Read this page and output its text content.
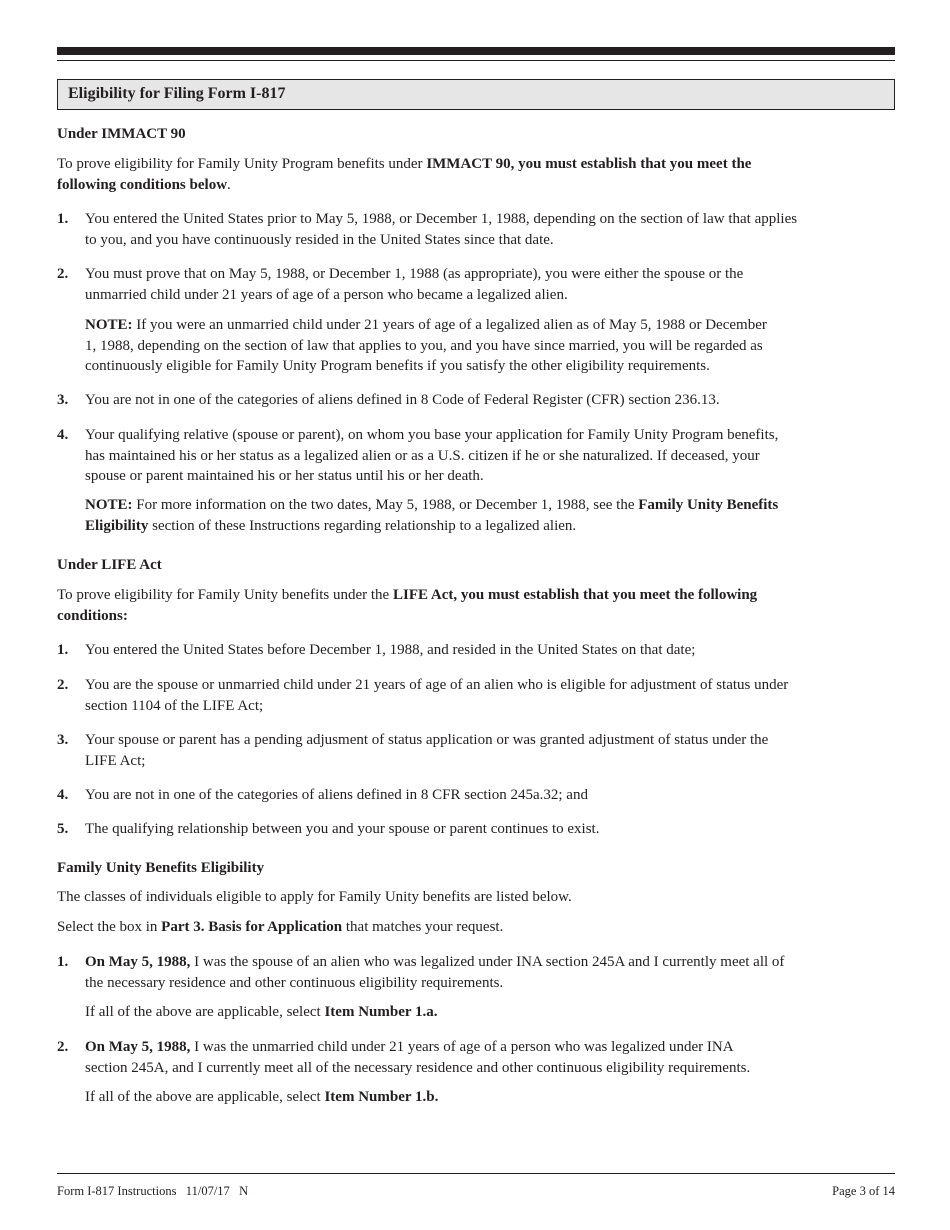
Eligibility for Filing Form I-817

Under IMMACT 90

To prove eligibility for Family Unity Program benefits under IMMACT 90, you must establish that you meet the
following conditions below.

1. You entered the United States prior to May 5, 1988, or December 1, 1988, depending on the section of law that applies
to you, and you have continuously resided in the United States since that date.
2. You must prove that on May 5, 1988, or December 1, 1988 (as appropriate), you were either the spouse or the
unmarried child under 21 years of age of a person who became a legalized alien.
NOTE: If you were an unmarried child under 21 years of age of a legalized alien as of May 5, 1988 or December
1, 1988, depending on the section of law that applies to you, and you have since married, you will be regarded as
continuously eligible for Family Unity Program benefits if you satisfy the other eligibility requirements.
3. You are not in one of the categories of aliens defined in 8 Code of Federal Register (CFR) section 236.13.
4. Your qualifying relative (spouse or parent), on whom you base your application for Family Unity Program benefits,
has maintained his or her status as a legalized alien or as a U.S. citizen if he or she naturalized. If deceased, your
spouse or parent maintained his or her status until his or her death.
NOTE: For more information on the two dates, May 5, 1988, or December 1, 1988, see the Family Unity Benefits
Eligibility section of these Instructions regarding relationship to a legalized alien.

Under LIFE Act

To prove eligibility for Family Unity benefits under the LIFE Act, you must establish that you meet the following
conditions:

1. You entered the United States before December 1, 1988, and resided in the United States on that date;
2. You are the spouse or unmarried child under 21 years of age of an alien who is eligible for adjustment of status under
section 1104 of the LIFE Act;
3. Your spouse or parent has a pending adjusment of status application or was granted adjustment of status under the
LIFE Act;
4. You are not in one of the categories of aliens defined in 8 CFR section 245a.32; and
5. The qualifying relationship between you and your spouse or parent continues to exist.

Family Unity Benefits Eligibility

The classes of individuals eligible to apply for Family Unity benefits are listed below.

Select the box in Part 3. Basis for Application that matches your request.

1. On May 5, 1988, I was the spouse of an alien who was legalized under INA section 245A and I currently meet all of
the necessary residence and other continuous eligibility requirements.
If all of the above are applicable, select Item Number 1.a.
2. On May 5, 1988, I was the unmarried child under 21 years of age of a person who was legalized under INA
section 245A, and I currently meet all of the necessary residence and other continuous eligibility requirements.
If all of the above are applicable, select Item Number 1.b.
Form I-817 Instructions   11/07/17   N	Page 3 of 14
